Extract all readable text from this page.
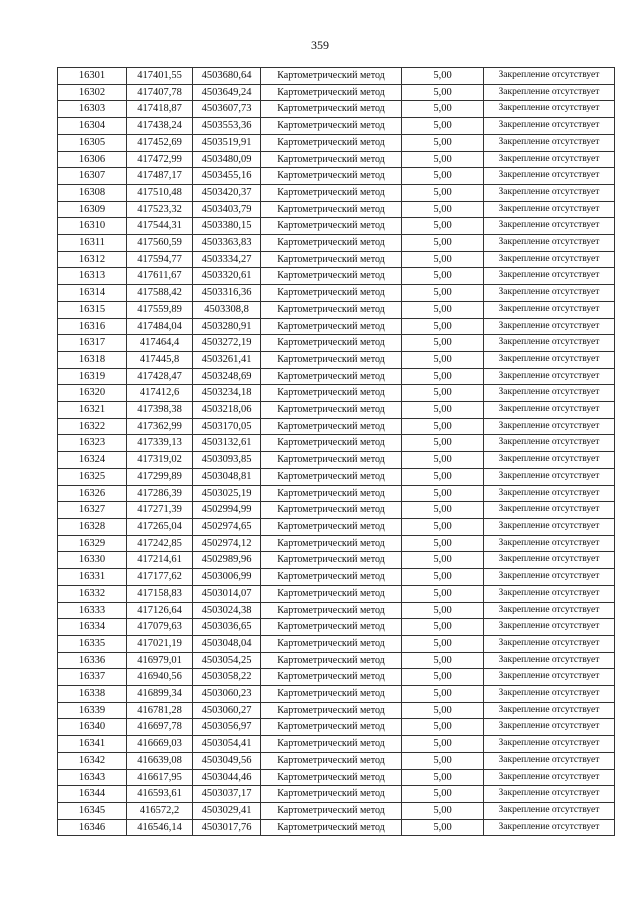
359
16301	417401,55	4503680,64	Картометрический метод	5,00	Закрепление отсутствует
16302	417407,78	4503649,24	Картометрический метод	5,00	Закрепление отсутствует
16303	417418,87	4503607,73	Картометрический метод	5,00	Закрепление отсутствует
16304	417438,24	4503553,36	Картометрический метод	5,00	Закрепление отсутствует
16305	417452,69	4503519,91	Картометрический метод	5,00	Закрепление отсутствует
16306	417472,99	4503480,09	Картометрический метод	5,00	Закрепление отсутствует
16307	417487,17	4503455,16	Картометрический метод	5,00	Закрепление отсутствует
16308	417510,48	4503420,37	Картометрический метод	5,00	Закрепление отсутствует
16309	417523,32	4503403,79	Картометрический метод	5,00	Закрепление отсутствует
16310	417544,31	4503380,15	Картометрический метод	5,00	Закрепление отсутствует
16311	417560,59	4503363,83	Картометрический метод	5,00	Закрепление отсутствует
16312	417594,77	4503334,27	Картометрический метод	5,00	Закрепление отсутствует
16313	417611,67	4503320,61	Картометрический метод	5,00	Закрепление отсутствует
16314	417588,42	4503316,36	Картометрический метод	5,00	Закрепление отсутствует
16315	417559,89	4503308,8	Картометрический метод	5,00	Закрепление отсутствует
16316	417484,04	4503280,91	Картометрический метод	5,00	Закрепление отсутствует
16317	417464,4	4503272,19	Картометрический метод	5,00	Закрепление отсутствует
16318	417445,8	4503261,41	Картометрический метод	5,00	Закрепление отсутствует
16319	417428,47	4503248,69	Картометрический метод	5,00	Закрепление отсутствует
16320	417412,6	4503234,18	Картометрический метод	5,00	Закрепление отсутствует
16321	417398,38	4503218,06	Картометрический метод	5,00	Закрепление отсутствует
16322	417362,99	4503170,05	Картометрический метод	5,00	Закрепление отсутствует
16323	417339,13	4503132,61	Картометрический метод	5,00	Закрепление отсутствует
16324	417319,02	4503093,85	Картометрический метод	5,00	Закрепление отсутствует
16325	417299,89	4503048,81	Картометрический метод	5,00	Закрепление отсутствует
16326	417286,39	4503025,19	Картометрический метод	5,00	Закрепление отсутствует
16327	417271,39	4502994,99	Картометрический метод	5,00	Закрепление отсутствует
16328	417265,04	4502974,65	Картометрический метод	5,00	Закрепление отсутствует
16329	417242,85	4502974,12	Картометрический метод	5,00	Закрепление отсутствует
16330	417214,61	4502989,96	Картометрический метод	5,00	Закрепление отсутствует
16331	417177,62	4503006,99	Картометрический метод	5,00	Закрепление отсутствует
16332	417158,83	4503014,07	Картометрический метод	5,00	Закрепление отсутствует
16333	417126,64	4503024,38	Картометрический метод	5,00	Закрепление отсутствует
16334	417079,63	4503036,65	Картометрический метод	5,00	Закрепление отсутствует
16335	417021,19	4503048,04	Картометрический метод	5,00	Закрепление отсутствует
16336	416979,01	4503054,25	Картометрический метод	5,00	Закрепление отсутствует
16337	416940,56	4503058,22	Картометрический метод	5,00	Закрепление отсутствует
16338	416899,34	4503060,23	Картометрический метод	5,00	Закрепление отсутствует
16339	416781,28	4503060,27	Картометрический метод	5,00	Закрепление отсутствует
16340	416697,78	4503056,97	Картометрический метод	5,00	Закрепление отсутствует
16341	416669,03	4503054,41	Картометрический метод	5,00	Закрепление отсутствует
16342	416639,08	4503049,56	Картометрический метод	5,00	Закрепление отсутствует
16343	416617,95	4503044,46	Картометрический метод	5,00	Закрепление отсутствует
16344	416593,61	4503037,17	Картометрический метод	5,00	Закрепление отсутствует
16345	416572,2	4503029,41	Картометрический метод	5,00	Закрепление отсутствует
16346	416546,14	4503017,76	Картометрический метод	5,00	Закрепление отсутствует
